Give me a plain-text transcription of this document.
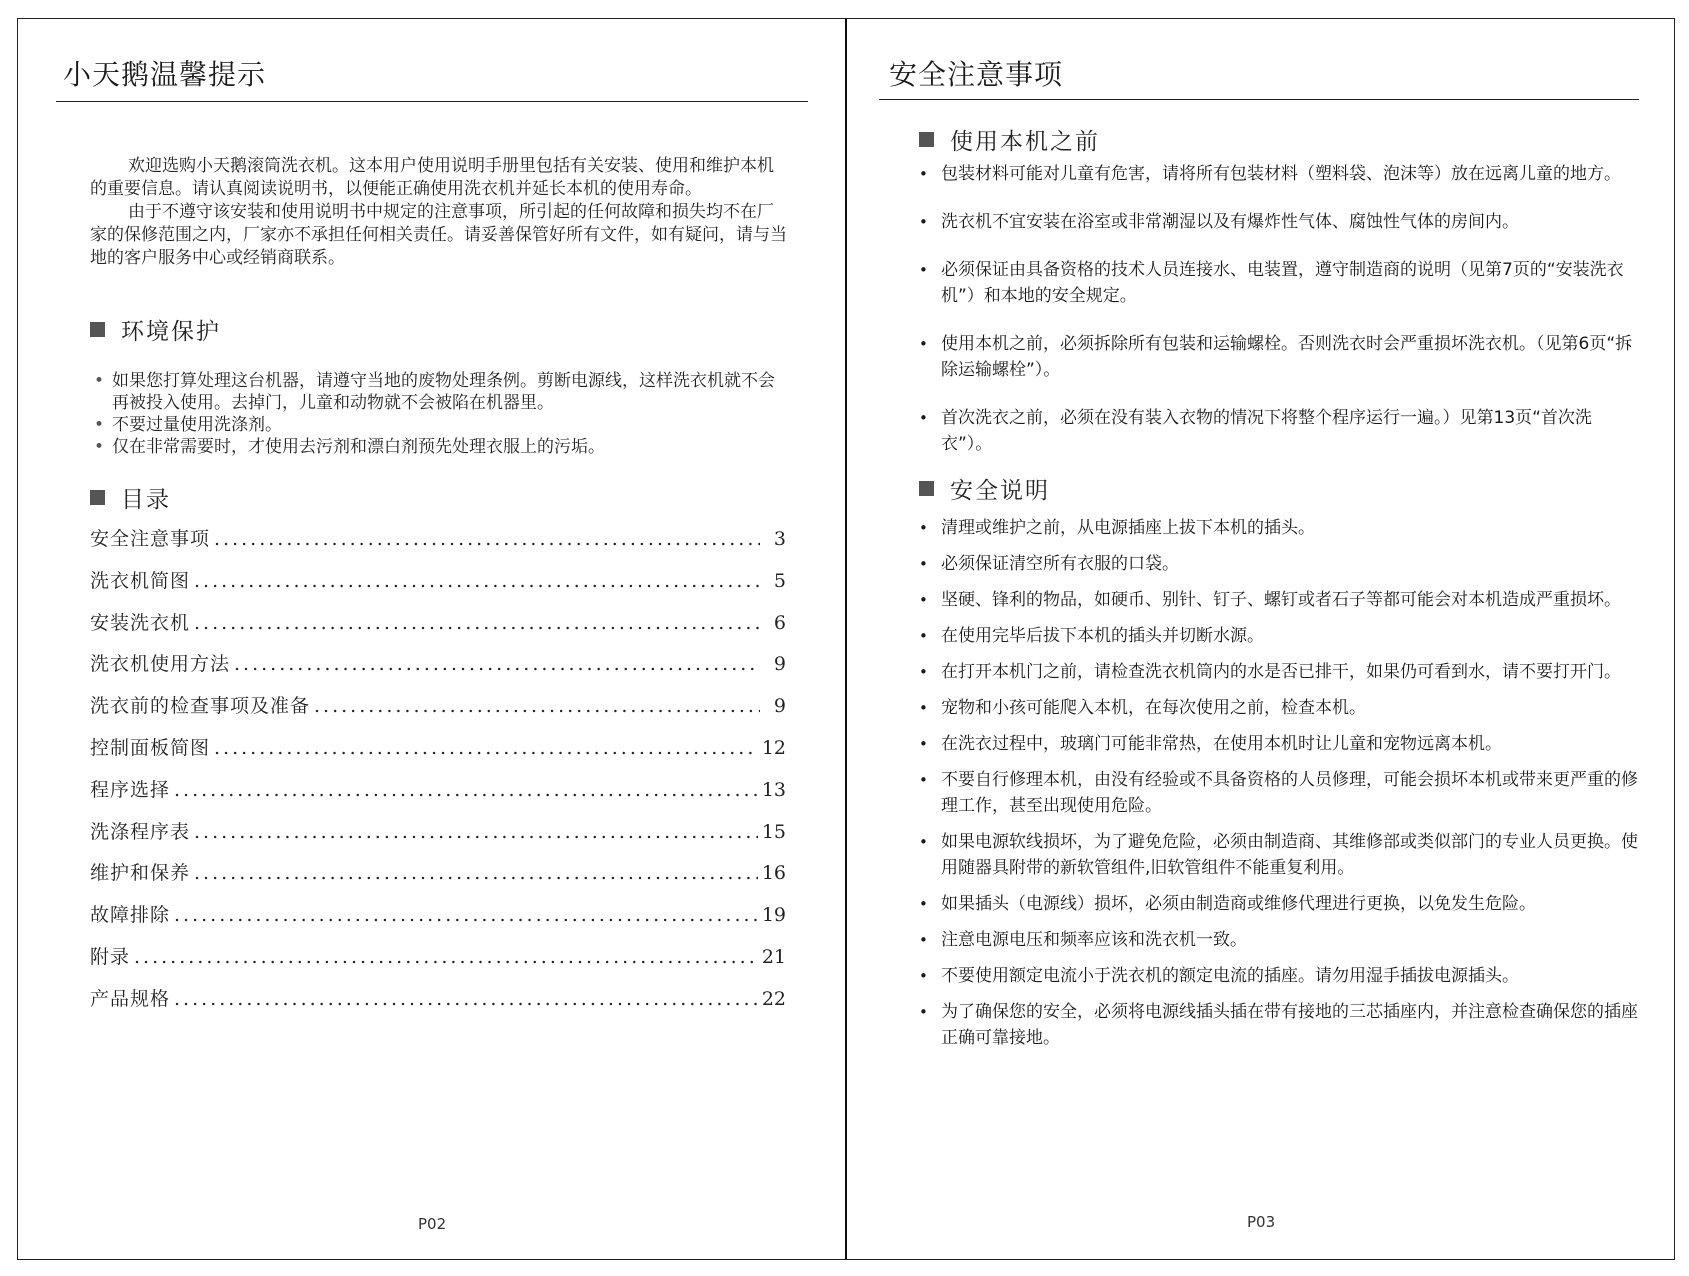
小天鹅温馨提示

欢迎选购小天鹅滚筒洗衣机。这本用户使用说明手册里包括有关安装、使用和维护本机的重要信息。请认真阅读说明书，以便能正确使用洗衣机并延长本机的使用寿命。

由于不遵守该安装和使用说明书中规定的注意事项，所引起的任何故障和损失均不在厂家的保修范围之内，厂家亦不承担任何相关责任。请妥善保管好所有文件，如有疑问，请与当地的客户服务中心或经销商联系。

环境保护
• 如果您打算处理这台机器，请遵守当地的废物处理条例。剪断电源线，这样洗衣机就不会再被投入使用。去掉门，儿童和动物就不会被陷在机器里。
• 不要过量使用洗涤剂。
• 仅在非常需要时，才使用去污剂和漂白剂预先处理衣服上的污垢。
目录
安全注意事项 .....	3
洗衣机简图 .....	5
安装洗衣机 .....	6
洗衣机使用方法 .....	9
洗衣前的检查事项及准备 .....	9
控制面板简图 .....	12
程序选择 .....	13
洗涤程序表 .....	15
维护和保养 .....	16
故障排除 .....	19
附录 .....	21
产品规格 .....	22
P02
安全注意事项
使用本机之前
• 包装材料可能对儿童有危害，请将所有包装材料（塑料袋、泡沫等）放在远离儿童的地方。
• 洗衣机不宜安装在浴室或非常潮湿以及有爆炸性气体、腐蚀性气体的房间内。
• 必须保证由具备资格的技术人员连接水、电装置，遵守制造商的说明（见第7页的“安装洗衣机”）和本地的安全规定。
• 使用本机之前，必须拆除所有包装和运输螺栓。否则洗衣时会严重损坏洗衣机。（见第6页“拆除运输螺栓”）。
• 首次洗衣之前，必须在没有装入衣物的情况下将整个程序运行一遍。）见第13页“首次洗衣”）。
安全说明
• 清理或维护之前，从电源插座上拔下本机的插头。
• 必须保证清空所有衣服的口袋。
• 坚硬、锋利的物品，如硬币、别针、钉子、螺钉或者石子等都可能会对本机造成严重损坏。
• 在使用完毕后拔下本机的插头并切断水源。
• 在打开本机门之前，请检查洗衣机筒内的水是否已排干，如果仍可看到水，请不要打开门。
• 宠物和小孩可能爬入本机，在每次使用之前，检查本机。
• 在洗衣过程中，玻璃门可能非常热，在使用本机时让儿童和宠物远离本机。
• 不要自行修理本机，由没有经验或不具备资格的人员修理，可能会损坏本机或带来更严重的修理工作，甚至出现使用危险。
• 如果电源软线损坏，为了避免危险，必须由制造商、其维修部或类似部门的专业人员更换。使用随器具附带的新软管组件,旧软管组件不能重复利用。
• 如果插头（电源线）损坏，必须由制造商或维修代理进行更换，以免发生危险。
• 注意电源电压和频率应该和洗衣机一致。
• 不要使用额定电流小于洗衣机的额定电流的插座。请勿用湿手插拔电源插头。
• 为了确保您的安全，必须将电源线插头插在带有接地的三芯插座内，并注意检查确保您的插座正确可靠接地。
P03
